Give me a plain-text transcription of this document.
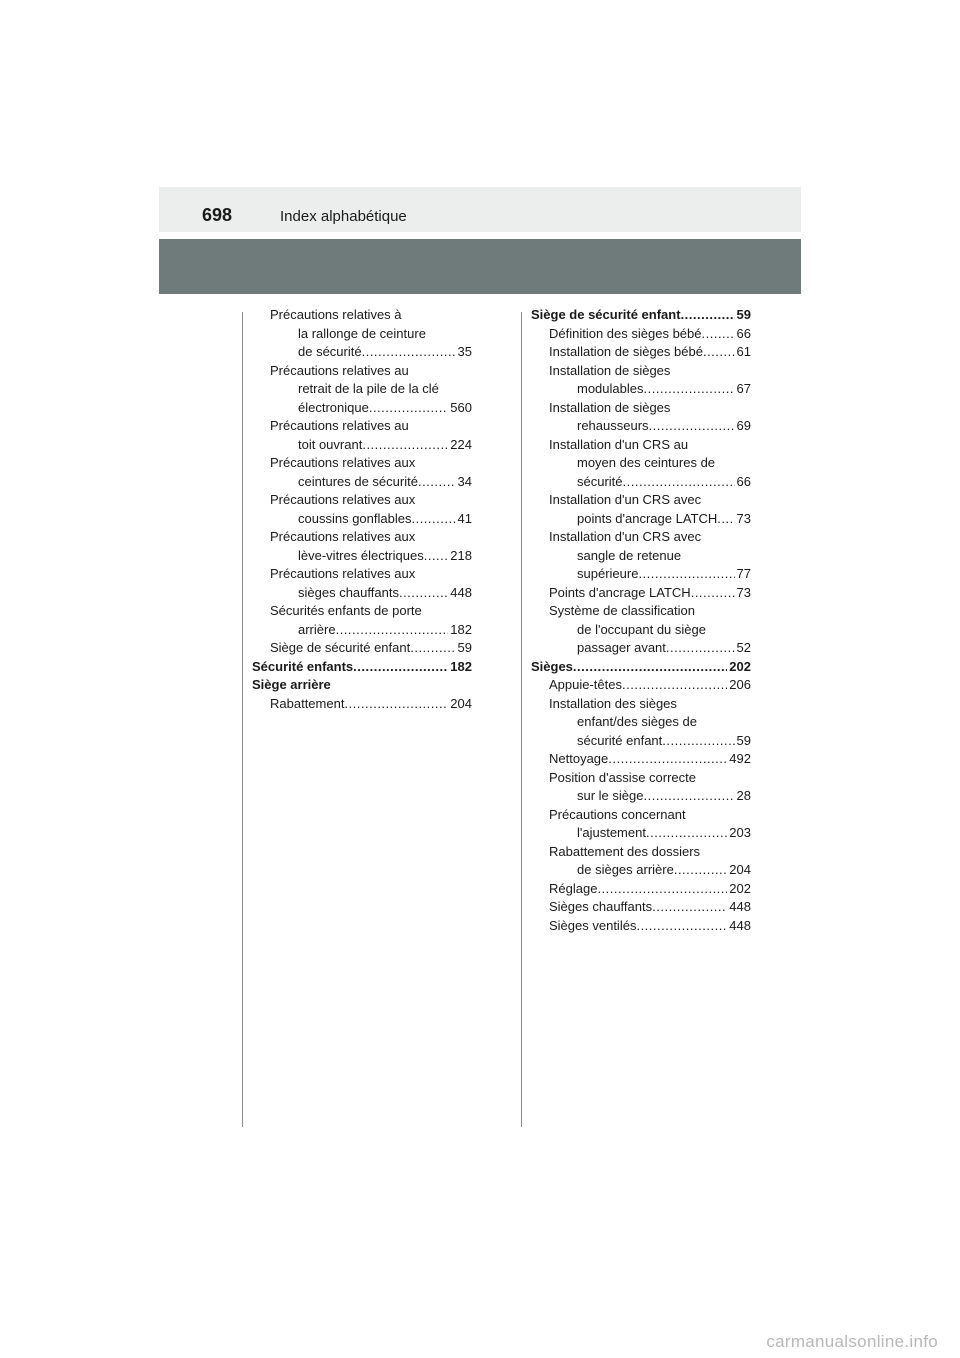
698	Index alphabétique
Précautions relatives à
la rallonge de ceinture
de sécurité .....	35
Précautions relatives au
retrait de la pile de la clé
électronique .....	560
Précautions relatives au
toit ouvrant .....	224
Précautions relatives aux
ceintures de sécurité .....	34
Précautions relatives aux
coussins gonflables .....	41
Précautions relatives aux
lève-vitres électriques ..... 218
Précautions relatives aux
sièges chauffants .....	448
Sécurités enfants de porte
arrière .....	182
Siège de sécurité enfant .....	59
Sécurité enfants .....	182
Siège arrière
Rabattement .....	204
Siège de sécurité enfant .....	59
Définition des sièges bébé .....	66
Installation de sièges bébé .....	61
Installation de sièges
modulables .....	67
Installation de sièges
rehausseurs .....	69
Installation d'un CRS au
moyen des ceintures de
sécurité .....	66
Installation d'un CRS avec
points d'ancrage LATCH ..... 73
Installation d'un CRS avec
sangle de retenue
supérieure .....	77
Points d'ancrage LATCH .....	73
Système de classification
de l'occupant du siège
passager avant .....	52
Sièges .....	202
Appuie-têtes .....	206
Installation des sièges
enfant/des sièges de
sécurité enfant .....	59
Nettoyage .....	492
Position d'assise correcte
sur le siège .....	28
Précautions concernant
l'ajustement .....	203
Rabattement des dossiers
de sièges arrière .....	204
Réglage .....	202
Sièges chauffants .....	448
Sièges ventilés .....	448
carmanualsonline.info
